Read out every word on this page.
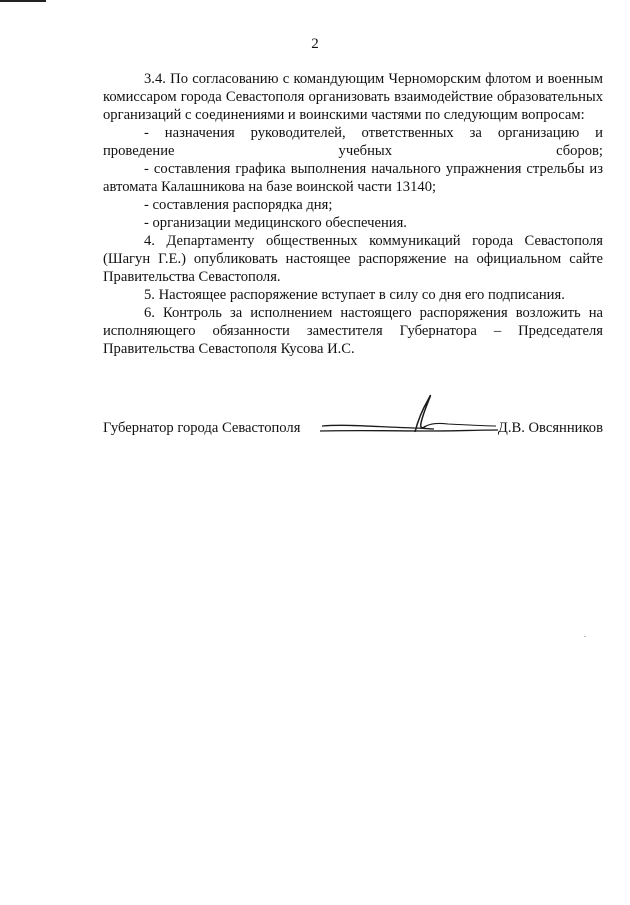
2

3.4. По согласованию с командующим Черноморским флотом и военным комиссаром города Севастополя организовать взаимодействие образовательных организаций с соединениями и воинскими частями по следующим вопросам:

- назначения руководителей, ответственных за организацию и проведение учебных сборов;

- составления графика выполнения начального упражнения стрельбы из автомата Калашникова на базе воинской части 13140;

- составления распорядка дня;

- организации медицинского обеспечения.

4. Департаменту общественных коммуникаций города Севастополя (Шагун Г.Е.) опубликовать настоящее распоряжение на официальном сайте Правительства Севастополя.

5. Настоящее распоряжение вступает в силу со дня его подписания.

6. Контроль за исполнением настоящего распоряжения возложить на исполняющего обязанности заместителя Губернатора – Председателя Правительства Севастополя Кусова И.С.

Губернатор города Севастополя	Д.В. Овсянников
